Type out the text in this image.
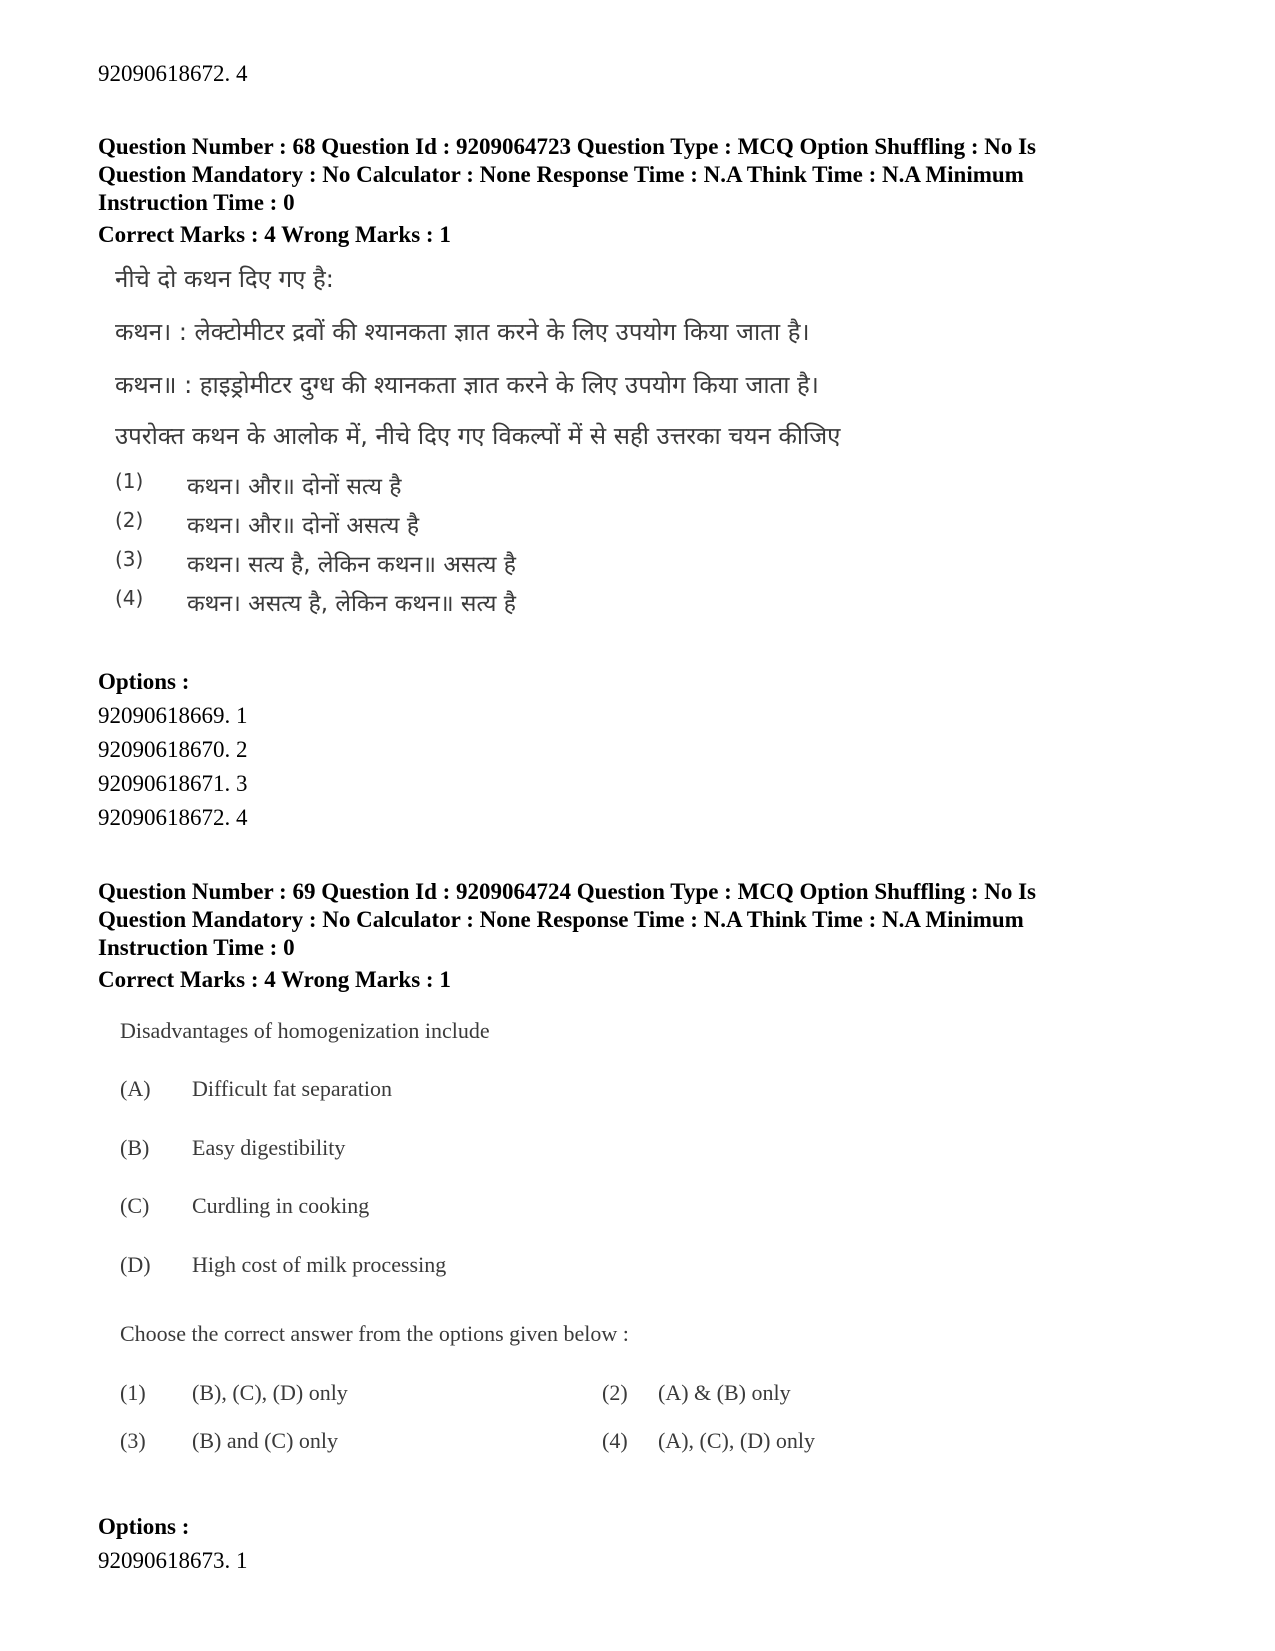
92090618672. 4
Question Number : 68 Question Id : 9209064723 Question Type : MCQ Option Shuffling : No Is
Question Mandatory : No Calculator : None Response Time : N.A Think Time : N.A Minimum
Instruction Time : 0
Correct Marks : 4 Wrong Marks : 1
नीचे दो कथन दिए गए है:
कथन। : लेक्टोमीटर द्रवों की श्यानकता ज्ञात करने के लिए उपयोग किया जाता है।
कथन॥ : हाइड्रोमीटर दुग्ध की श्यानकता ज्ञात करने के लिए उपयोग किया जाता है।
उपरोक्त कथन के आलोक में, नीचे दिए गए विकल्पों में से सही उत्तरका चयन कीजिए
(1) कथन। और॥ दोनों सत्य है
(2) कथन। और॥ दोनों असत्य है
(3) कथन। सत्य है, लेकिन कथन॥ असत्य है
(4) कथन। असत्य है, लेकिन कथन॥ सत्य है
Options :
92090618669. 1
92090618670. 2
92090618671. 3
92090618672. 4
Question Number : 69 Question Id : 9209064724 Question Type : MCQ Option Shuffling : No Is
Question Mandatory : No Calculator : None Response Time : N.A Think Time : N.A Minimum
Instruction Time : 0
Correct Marks : 4 Wrong Marks : 1
Disadvantages of homogenization include
(A) Difficult fat separation
(B) Easy digestibility
(C) Curdling in cooking
(D) High cost of milk processing
Choose the correct answer from the options given below :
(1) (B), (C), (D) only	(2) (A) & (B) only
(3) (B) and (C) only	(4) (A), (C), (D) only
Options :
92090618673. 1
